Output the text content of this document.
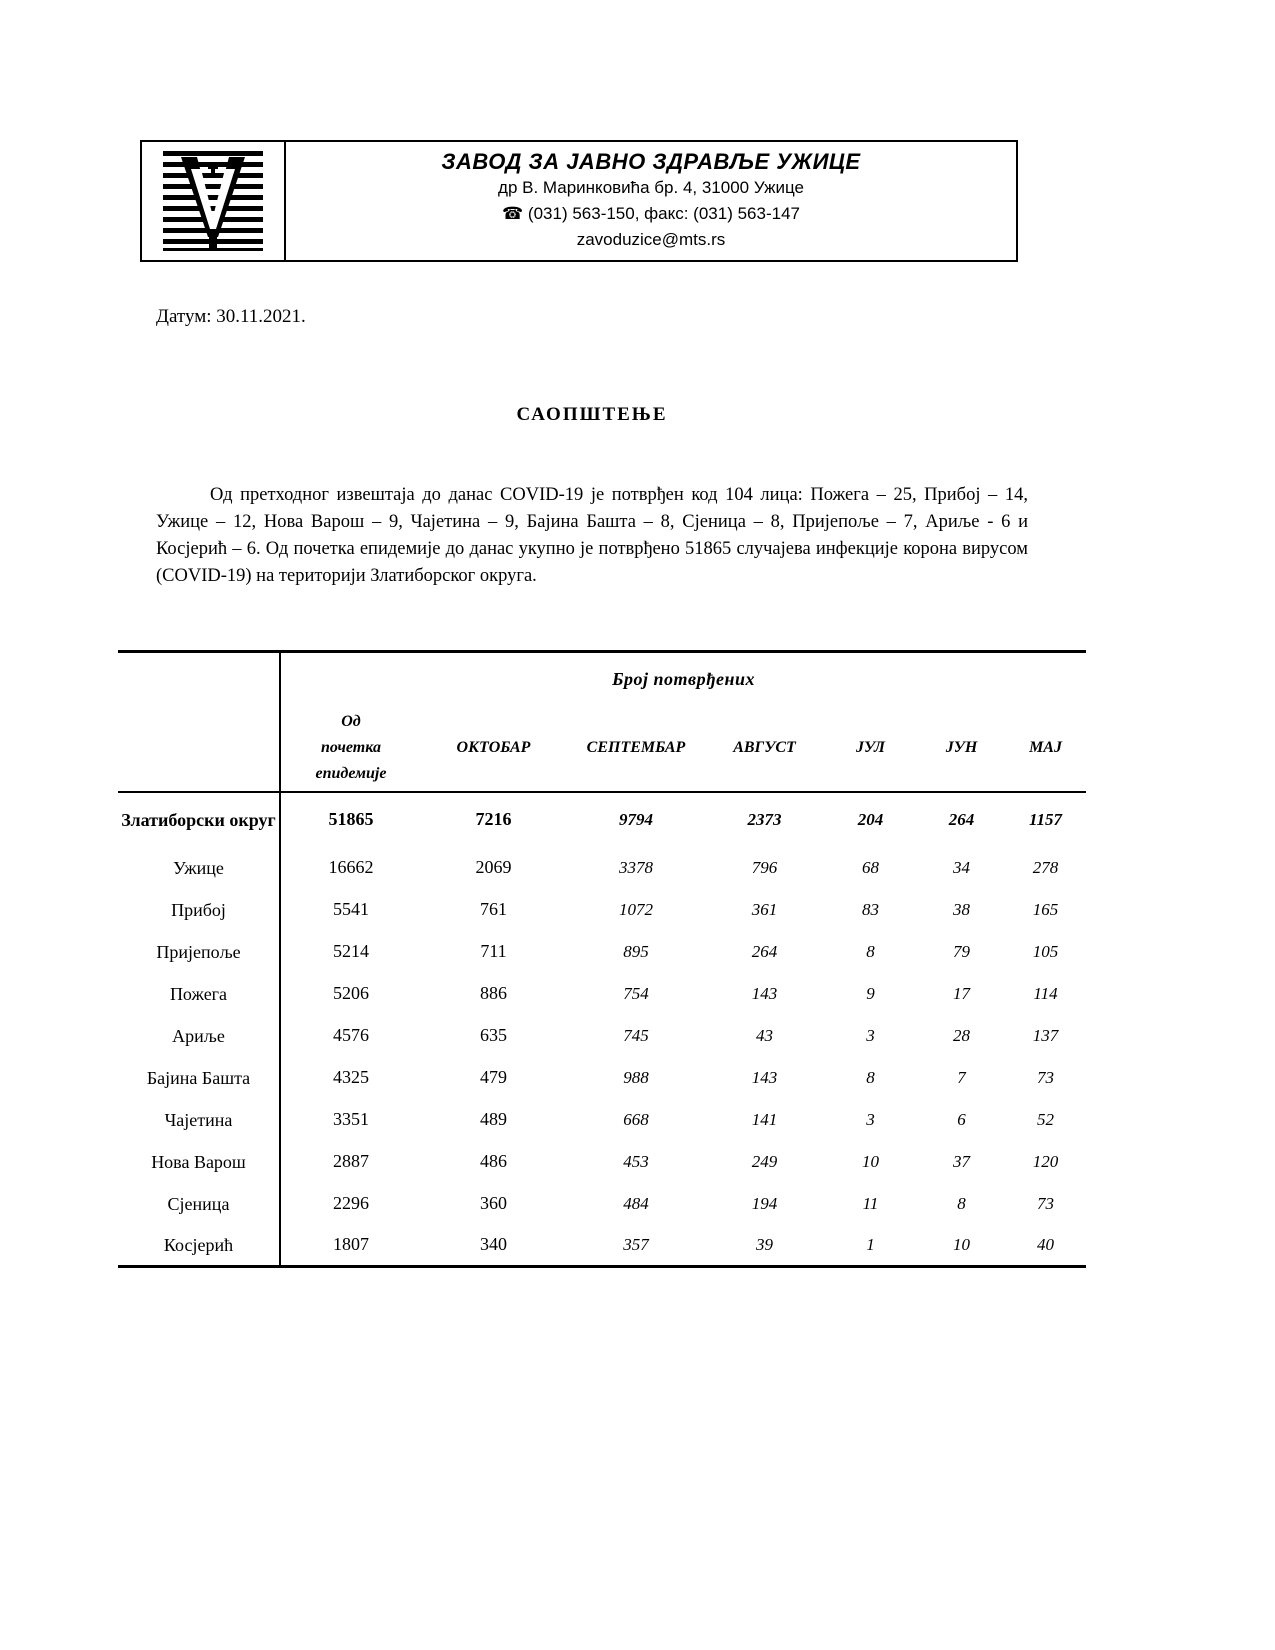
ЗАВОД ЗА ЈАВНО ЗДРАВЉЕ УЖИЦЕ
др В. Маринковића бр. 4, 31000 Ужице
☎ (031) 563-150, факс: (031) 563-147
zavoduzice@mts.rs
Датум: 30.11.2021.
САОПШТЕЊЕ

Од претходног извештаја до данас COVID-19 је потврђен код 104 лица: Пожега – 25, Прибој – 14, Ужице – 12, Нова Варош – 9, Чајетина – 9, Бајина Башта – 8, Сјеница – 8, Пријепоље – 7, Ариље - 6 и Косјерић – 6. Од почетка епидемије до данас укупно је потврђено 51865 случајева инфекције корона вирусом (COVID-19) на територији Златиборског округа.

	Број потврђених						
	Од почетка епидемије	ОКТОБАР	СЕПТЕМБАР	АВГУСТ	ЈУЛ	ЈУН	МАЈ
Златиборски округ	51865	7216	9794	2373	204	264	1157
Ужице	16662	2069	3378	796	68	34	278
Прибој	5541	761	1072	361	83	38	165
Пријепоље	5214	711	895	264	8	79	105
Пожега	5206	886	754	143	9	17	114
Ариље	4576	635	745	43	3	28	137
Бајина Башта	4325	479	988	143	8	7	73
Чајетина	3351	489	668	141	3	6	52
Нова Варош	2887	486	453	249	10	37	120
Сјеница	2296	360	484	194	11	8	73
Косјерић	1807	340	357	39	1	10	40
